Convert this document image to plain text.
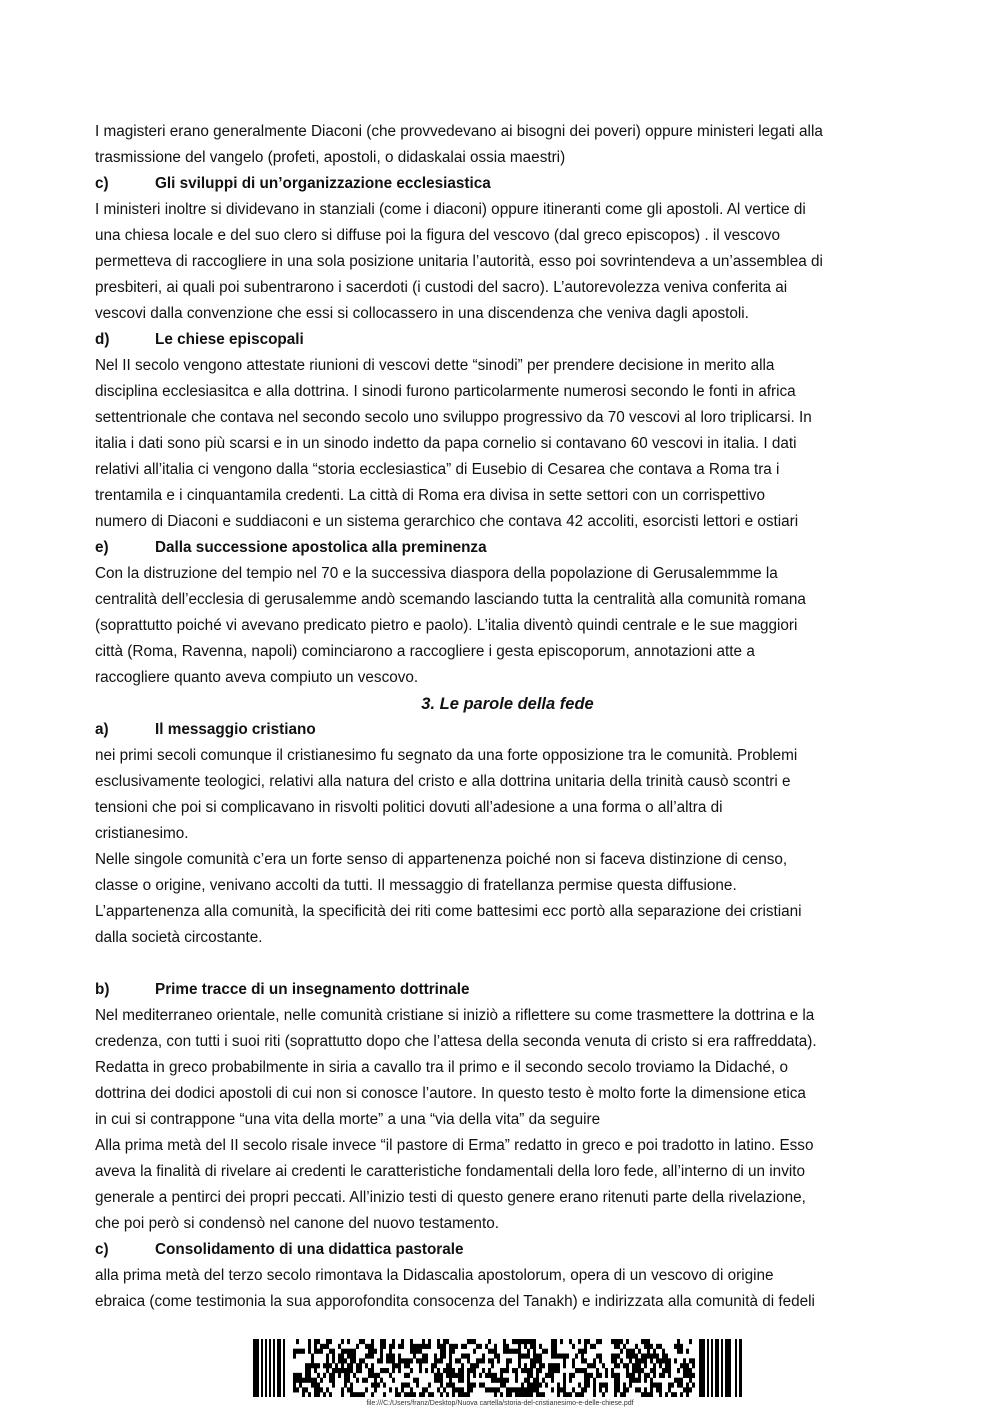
I magisteri erano generalmente Diaconi (che provvedevano ai bisogni dei poveri) oppure ministeri legati alla
trasmissione del vangelo (profeti, apostoli, o didaskalai ossia maestri)
c)	Gli sviluppi di un’organizzazione ecclesiastica
I ministeri inoltre si dividevano in stanziali (come i diaconi) oppure itineranti come gli apostoli. Al vertice di
una chiesa locale e del suo clero si diffuse poi la figura del vescovo (dal greco episcopos) . il vescovo
permetteva di raccogliere in una sola posizione unitaria l’autorità, esso poi sovrintendeva a un’assemblea di
presbiteri, ai quali poi subentrarono i sacerdoti (i custodi del sacro). L’autorevolezza veniva conferita ai
vescovi dalla convenzione che essi si collocassero in una discendenza che veniva dagli apostoli.
d)	Le chiese episcopali
Nel II secolo vengono attestate riunioni di vescovi dette “sinodi” per prendere decisione in merito alla
disciplina ecclesiasitca e alla dottrina. I sinodi furono particolarmente numerosi secondo le fonti in africa
settentrionale che contava nel secondo secolo uno sviluppo progressivo da 70 vescovi al loro triplicarsi. In
italia i dati sono più scarsi e in un sinodo indetto da papa cornelio si contavano 60 vescovi in italia. I dati
relativi all’italia ci vengono dalla “storia ecclesiastica” di Eusebio di Cesarea che contava a Roma tra i
trentamila e i cinquantamila credenti. La città di Roma era divisa in sette settori con un corrispettivo
numero di Diaconi e suddiaconi e un sistema gerarchico che contava 42 accoliti, esorcisti lettori e ostiari
e)	Dalla successione apostolica alla preminenza
Con la distruzione del tempio nel 70 e la successiva diaspora della popolazione di Gerusalemmme la
centralità dell’ecclesia di gerusalemme andò scemando lasciando tutta la centralità alla comunità romana
(soprattutto poiché vi avevano predicato pietro e paolo). L’italia diventò quindi centrale e le sue maggiori
città (Roma, Ravenna, napoli) cominciarono a raccogliere i gesta episcoporum, annotazioni atte a
raccogliere quanto aveva compiuto un vescovo.
3. Le parole della fede
a)	Il messaggio cristiano
nei primi secoli comunque il cristianesimo fu segnato da una forte opposizione tra le comunità. Problemi
esclusivamente teologici, relativi alla natura del cristo e alla dottrina unitaria della trinità causò scontri e
tensioni che poi si complicavano in risvolti politici dovuti all’adesione a una forma o all’altra di
cristianesimo.
Nelle singole comunità c’era un forte senso di appartenenza poiché non si faceva distinzione di censo,
classe o origine, venivano accolti da tutti. Il messaggio di fratellanza permise questa diffusione.
L’appartenenza alla comunità, la specificità dei riti come battesimi ecc portò alla separazione dei cristiani
dalla società circostante.
b)	Prime tracce di un insegnamento dottrinale
Nel mediterraneo orientale, nelle comunità cristiane si iniziò a riflettere su come trasmettere la dottrina e la
credenza, con tutti i suoi riti (soprattutto dopo che l’attesa della seconda venuta di cristo si era raffreddata).
Redatta in greco probabilmente in siria a cavallo tra il primo e il secondo secolo troviamo la Didaché, o
dottrina dei dodici apostoli di cui non si conosce l’autore. In questo testo è molto forte la dimensione etica
in cui si contrappone “una vita della morte” a una “via della vita” da seguire
Alla prima metà del II secolo risale invece “il pastore di Erma” redatto in greco e poi tradotto in latino. Esso
aveva la finalità di rivelare ai credenti le caratteristiche fondamentali della loro fede, all’interno di un invito
generale a pentirci dei propri peccati. All’inizio testi di questo genere erano ritenuti parte della rivelazione,
che poi però si condensò nel canone del nuovo testamento.
c)	Consolidamento di una didattica pastorale
alla prima metà del terzo secolo rimontava la Didascalia apostolorum, opera di un vescovo di origine
ebraica (come testimonia la sua apporofondita consocenza del Tanakh) e indirizzata alla comunità di fedeli
file:///C:/Users/franz/Desktop/Nuova cartella/storia-del-cristianesimo-e-delle-chiese.pdf
